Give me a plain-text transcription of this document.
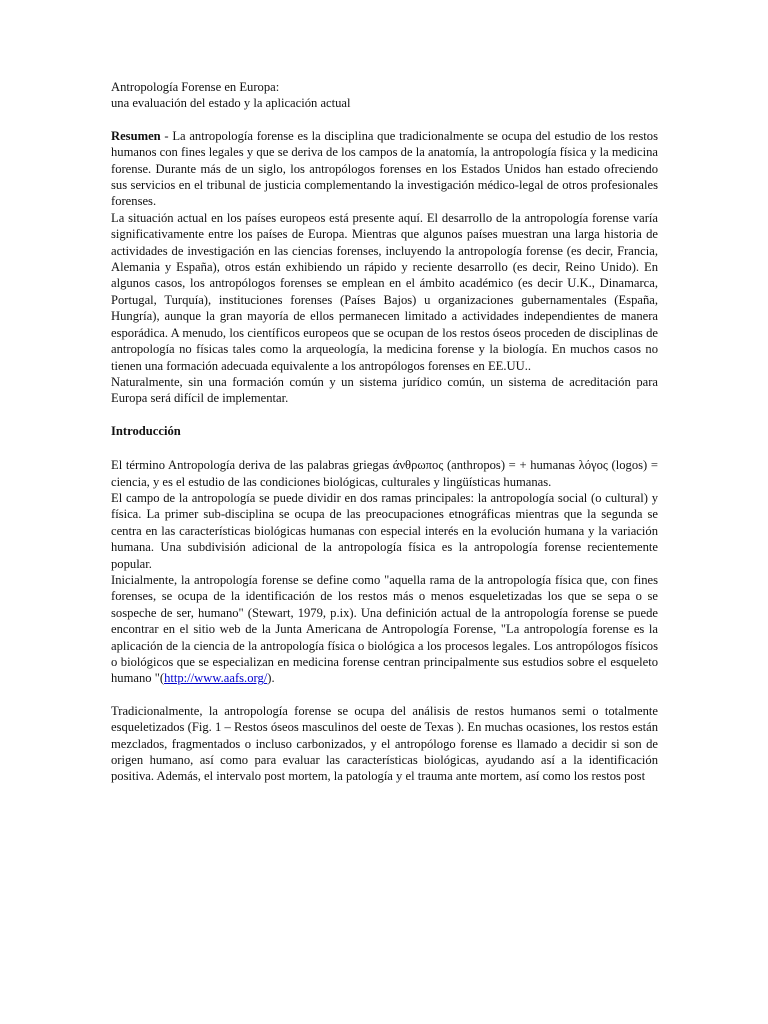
Antropología Forense en Europa:
una evaluación del estado y la aplicación actual

Resumen - La antropología forense es la disciplina que tradicionalmente se ocupa del estudio de los restos humanos con fines legales y que se deriva de los campos de la anatomía, la antropología física y la medicina forense. Durante más de un siglo, los antropólogos forenses en los Estados Unidos han estado ofreciendo sus servicios en el tribunal de justicia complementando la investigación médico-legal de otros profesionales forenses.

La situación actual en los países europeos está presente aquí. El desarrollo de la antropología forense varía significativamente entre los países de Europa. Mientras que algunos países muestran una larga historia de actividades de investigación en las ciencias forenses, incluyendo la antropología forense (es decir, Francia, Alemania y España), otros están exhibiendo un rápido y reciente desarrollo (es decir, Reino Unido). En algunos casos, los antropólogos forenses se emplean en el ámbito académico (es decir U.K., Dinamarca, Portugal, Turquía), instituciones forenses (Países Bajos) u organizaciones gubernamentales (España, Hungría), aunque la gran mayoría de ellos permanecen limitado a actividades independientes de manera esporádica. A menudo, los científicos europeos que se ocupan de los restos óseos proceden de disciplinas de antropología no físicas tales como la arqueología, la medicina forense y la biología. En muchos casos no tienen una formación adecuada equivalente a los antropólogos forenses en EE.UU..

Naturalmente, sin una formación común y un sistema jurídico común, un sistema de acreditación para Europa será difícil de implementar.

Introducción

El término Antropología deriva de las palabras griegas άνθρωπος (anthropos) = + humanas λόγος (logos) = ciencia, y es el estudio de las condiciones biológicas, culturales y lingüísticas humanas.

El campo de la antropología se puede dividir en dos ramas principales: la antropología social (o cultural) y física. La primer sub-disciplina se ocupa de las preocupaciones etnográficas mientras que la segunda se centra en las características biológicas humanas con especial interés en la evolución humana y la variación humana. Una subdivisión adicional de la antropología física es la antropología forense recientemente popular.

Inicialmente, la antropología forense se define como "aquella rama de la antropología física que, con fines forenses, se ocupa de la identificación de los restos más o menos esqueletizadas los que se sepa o se sospeche de ser, humano" (Stewart, 1979, p.ix). Una definición actual de la antropología forense se puede encontrar en el sitio web de la Junta Americana de Antropología Forense, "La antropología forense es la aplicación de la ciencia de la antropología física o biológica a los procesos legales. Los antropólogos físicos o biológicos que se especializan en medicina forense centran principalmente sus estudios sobre el esqueleto humano "(http://www.aafs.org/).

Tradicionalmente, la antropología forense se ocupa del análisis de restos humanos semi o totalmente esqueletizados (Fig. 1 – Restos óseos masculinos del oeste de Texas ). En muchas ocasiones, los restos están mezclados, fragmentados o incluso carbonizados, y el antropólogo forense es llamado a decidir si son de origen humano, así como para evaluar las características biológicas, ayudando así a la identificación positiva. Además, el intervalo post mortem, la patología y el trauma ante mortem, así como los restos post
